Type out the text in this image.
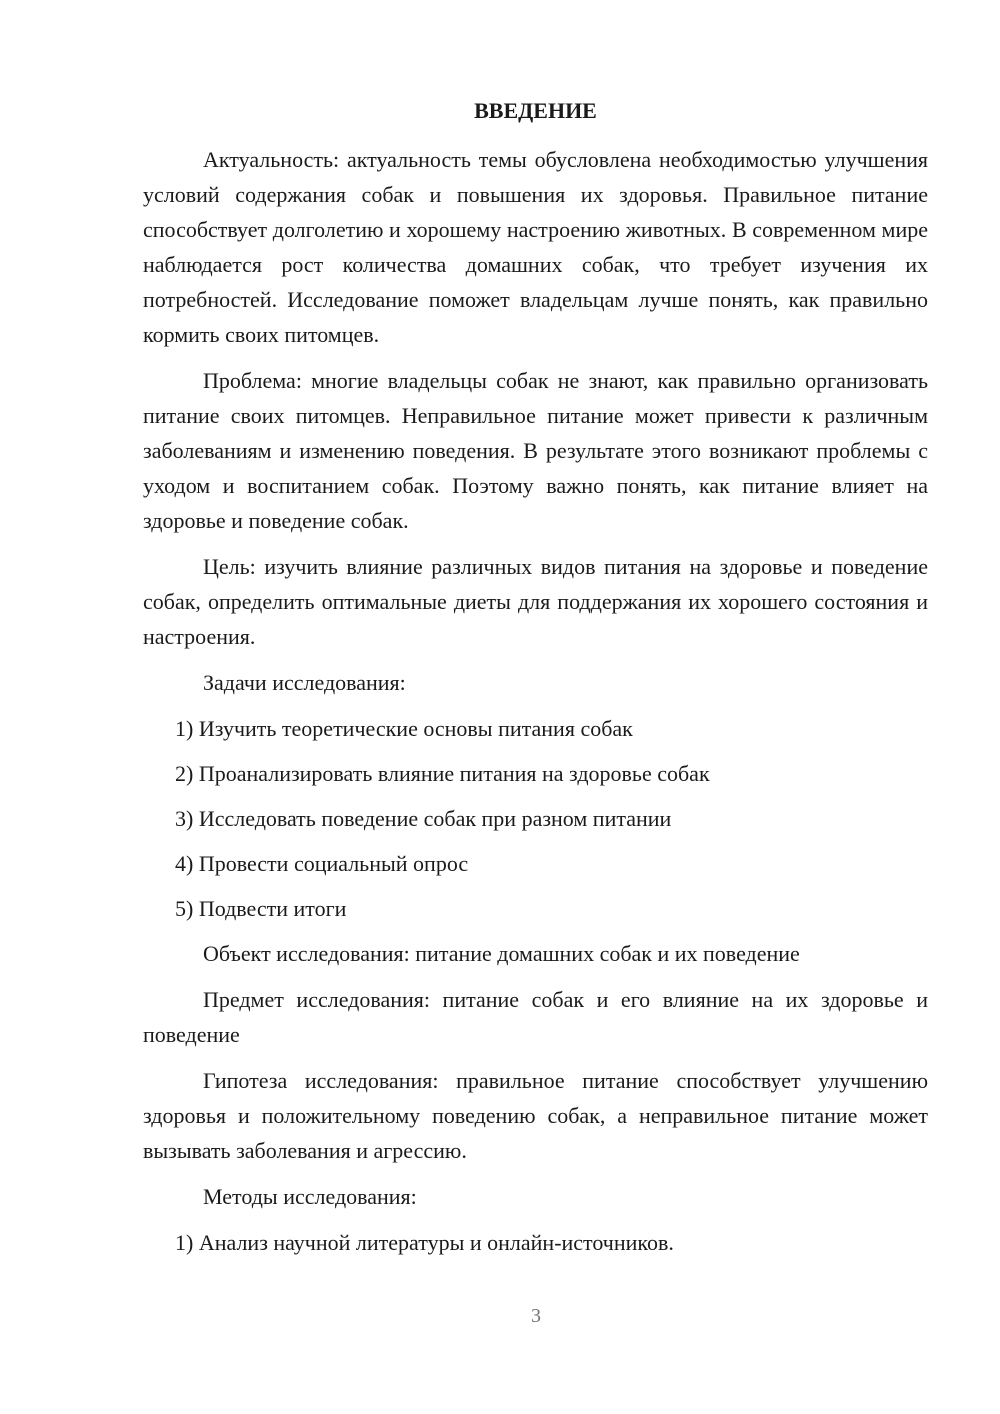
ВВЕДЕНИЕ

Актуальность: актуальность темы обусловлена необходимостью улучшения условий содержания собак и повышения их здоровья. Правильное питание способствует долголетию и хорошему настроению животных. В современном мире наблюдается рост количества домашних собак, что требует изучения их потребностей. Исследование поможет владельцам лучше понять, как правильно кормить своих питомцев.

Проблема: многие владельцы собак не знают, как правильно организовать питание своих питомцев. Неправильное питание может привести к различным заболеваниям и изменению поведения. В результате этого возникают проблемы с уходом и воспитанием собак. Поэтому важно понять, как питание влияет на здоровье и поведение собак.

Цель: изучить влияние различных видов питания на здоровье и поведение собак, определить оптимальные диеты для поддержания их хорошего состояния и настроения.

Задачи исследования:

1) Изучить теоретические основы питания собак

2) Проанализировать влияние питания на здоровье собак

3) Исследовать поведение собак при разном питании

4) Провести социальный опрос

5) Подвести итоги

Объект исследования: питание домашних собак и их поведение

Предмет исследования: питание собак и его влияние на их здоровье и поведение

Гипотеза исследования: правильное питание способствует улучшению здоровья и положительному поведению собак, а неправильное питание может вызывать заболевания и агрессию.

Методы исследования:

1) Анализ научной литературы и онлайн-источников.

3
